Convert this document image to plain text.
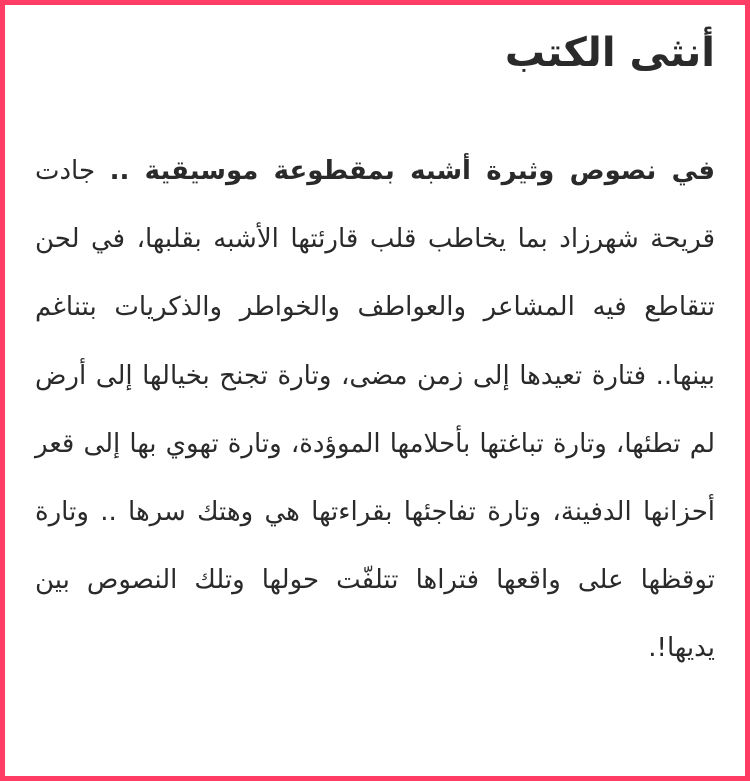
أنثى الكتب

في نصوص وثيرة أشبه بمقطوعة موسيقية .. جادت قريحة شهرزاد بما يخاطب قلب قارئتها الأشبه بقلبها، في لحن تتقاطع فيه المشاعر والعواطف والخواطر والذكريات بتناغم بينها.. فتارة تعيدها إلى زمن مضى، وتارة تجنح بخيالها إلى أرض لم تطئها، وتارة تباغتها بأحلامها الموؤدة، وتارة تهوي بها إلى قعر أحزانها الدفينة، وتارة تفاجئها بقراءتها هي وهتك سرها .. وتارة توقظها على واقعها فتراها تتلفّت حولها وتلك النصوص بين يديها!.
